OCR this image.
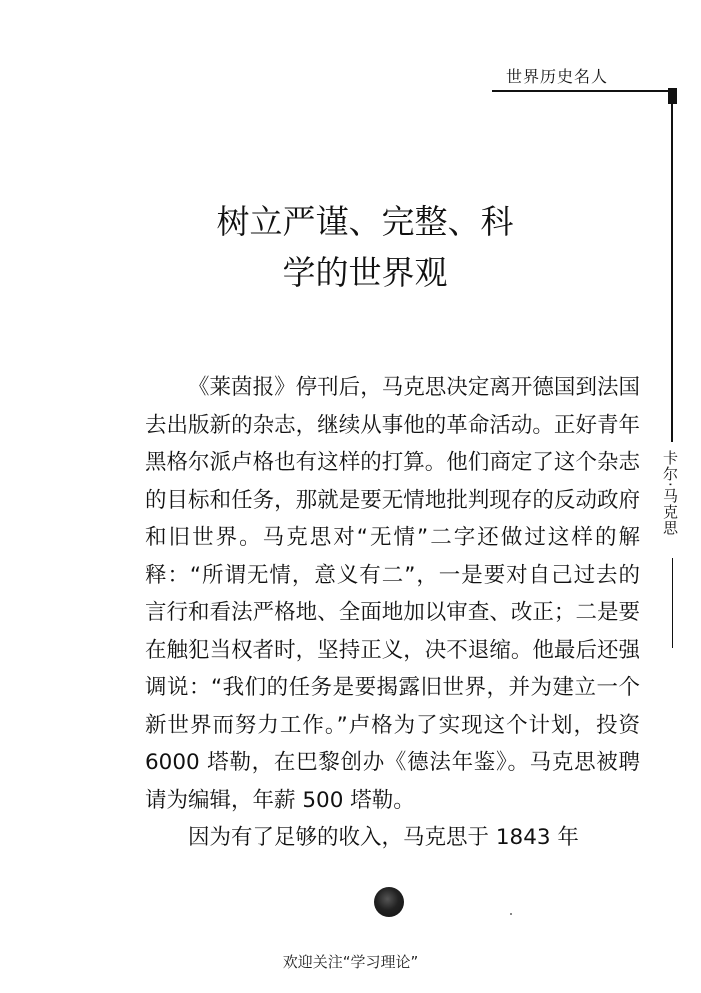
世界历史名人
卡尔·马克思
树立严谨、完整、科
学的世界观

《莱茵报》停刊后，马克思决定离开德国到法国去出版新的杂志，继续从事他的革命活动。正好青年黑格尔派卢格也有这样的打算。他们商定了这个杂志的目标和任务，那就是要无情地批判现存的反动政府和旧世界。马克思对“无情”二字还做过这样的解释：“所谓无情，意义有二”，一是要对自己过去的言行和看法严格地、全面地加以审查、改正；二是要在触犯当权者时，坚持正义，决不退缩。他最后还强调说：“我们的任务是要揭露旧世界，并为建立一个新世界而努力工作。”卢格为了实现这个计划，投资 6000 塔勒，在巴黎创办《德法年鉴》。马克思被聘请为编辑，年薪 500 塔勒。

因为有了足够的收入，马克思于 1843 年

欢迎关注“学习理论”
